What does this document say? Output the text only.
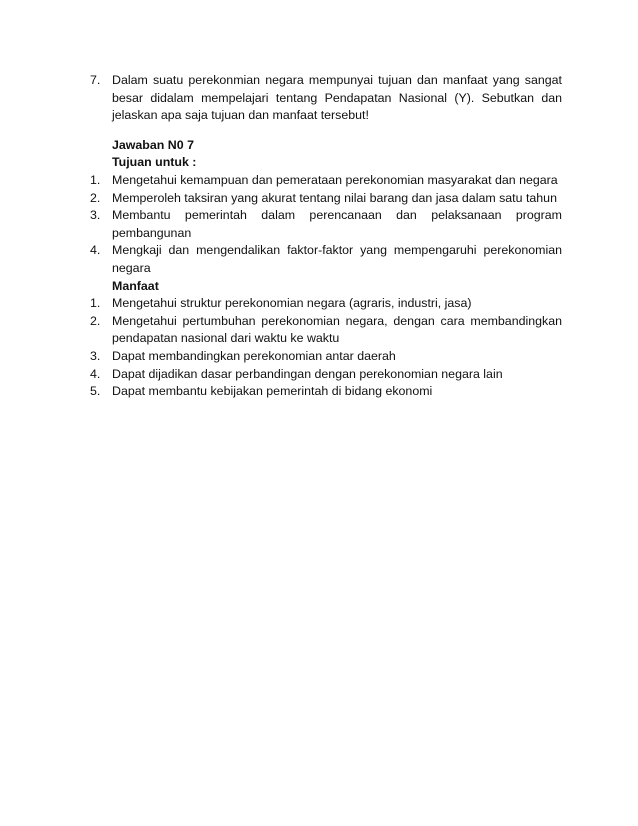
7. Dalam suatu perekonmian negara mempunyai tujuan dan manfaat yang sangat besar didalam mempelajari tentang Pendapatan Nasional (Y). Sebutkan dan jelaskan apa saja tujuan dan manfaat tersebut!
Jawaban N0 7
Tujuan untuk :
1. Mengetahui kemampuan dan pemerataan perekonomian masyarakat dan negara
2. Memperoleh taksiran yang akurat tentang nilai barang dan jasa dalam satu tahun
3. Membantu pemerintah dalam perencanaan dan pelaksanaan program pembangunan
4. Mengkaji dan mengendalikan faktor-faktor yang mempengaruhi perekonomian negara
Manfaat
1. Mengetahui struktur perekonomian negara (agraris, industri, jasa)
2. Mengetahui pertumbuhan perekonomian negara, dengan cara membandingkan pendapatan nasional dari waktu ke waktu
3. Dapat membandingkan perekonomian antar daerah
4. Dapat dijadikan dasar perbandingan dengan perekonomian negara lain
5. Dapat membantu kebijakan pemerintah di bidang ekonomi
